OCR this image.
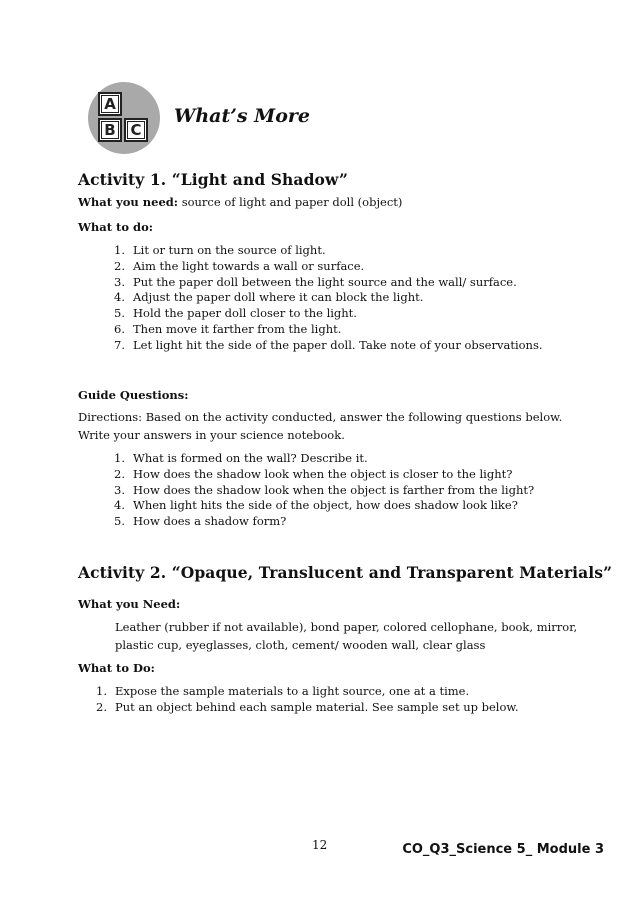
A
B C
What’s More
Activity 1. “Light and Shadow”
What you need: source of light and paper doll (object)
What to do:
1. Lit or turn on the source of light.
2. Aim the light towards a wall or surface.
3. Put the paper doll between the light source and the wall/ surface.
4. Adjust the paper doll where it can block the light.
5. Hold the paper doll closer to the light.
6. Then move it farther from the light.
7. Let light hit the side of the paper doll. Take note of your observations.
Guide Questions:
Directions: Based on the activity conducted, answer the following questions below.
Write your answers in your science notebook.
1. What is formed on the wall? Describe it.
2. How does the shadow look when the object is closer to the light?
3. How does the shadow look when the object is farther from the light?
4. When light hits the side of the object, how does shadow look like?
5. How does a shadow form?
Activity 2. “Opaque, Translucent and Transparent Materials”
What you Need:
Leather (rubber if not available), bond paper, colored cellophane, book, mirror,
plastic cup, eyeglasses, cloth, cement/ wooden wall, clear glass
What to Do:
1. Expose the sample materials to a light source, one at a time.
2. Put an object behind each sample material. See sample set up below.
12	CO_Q3_Science 5_ Module 3
